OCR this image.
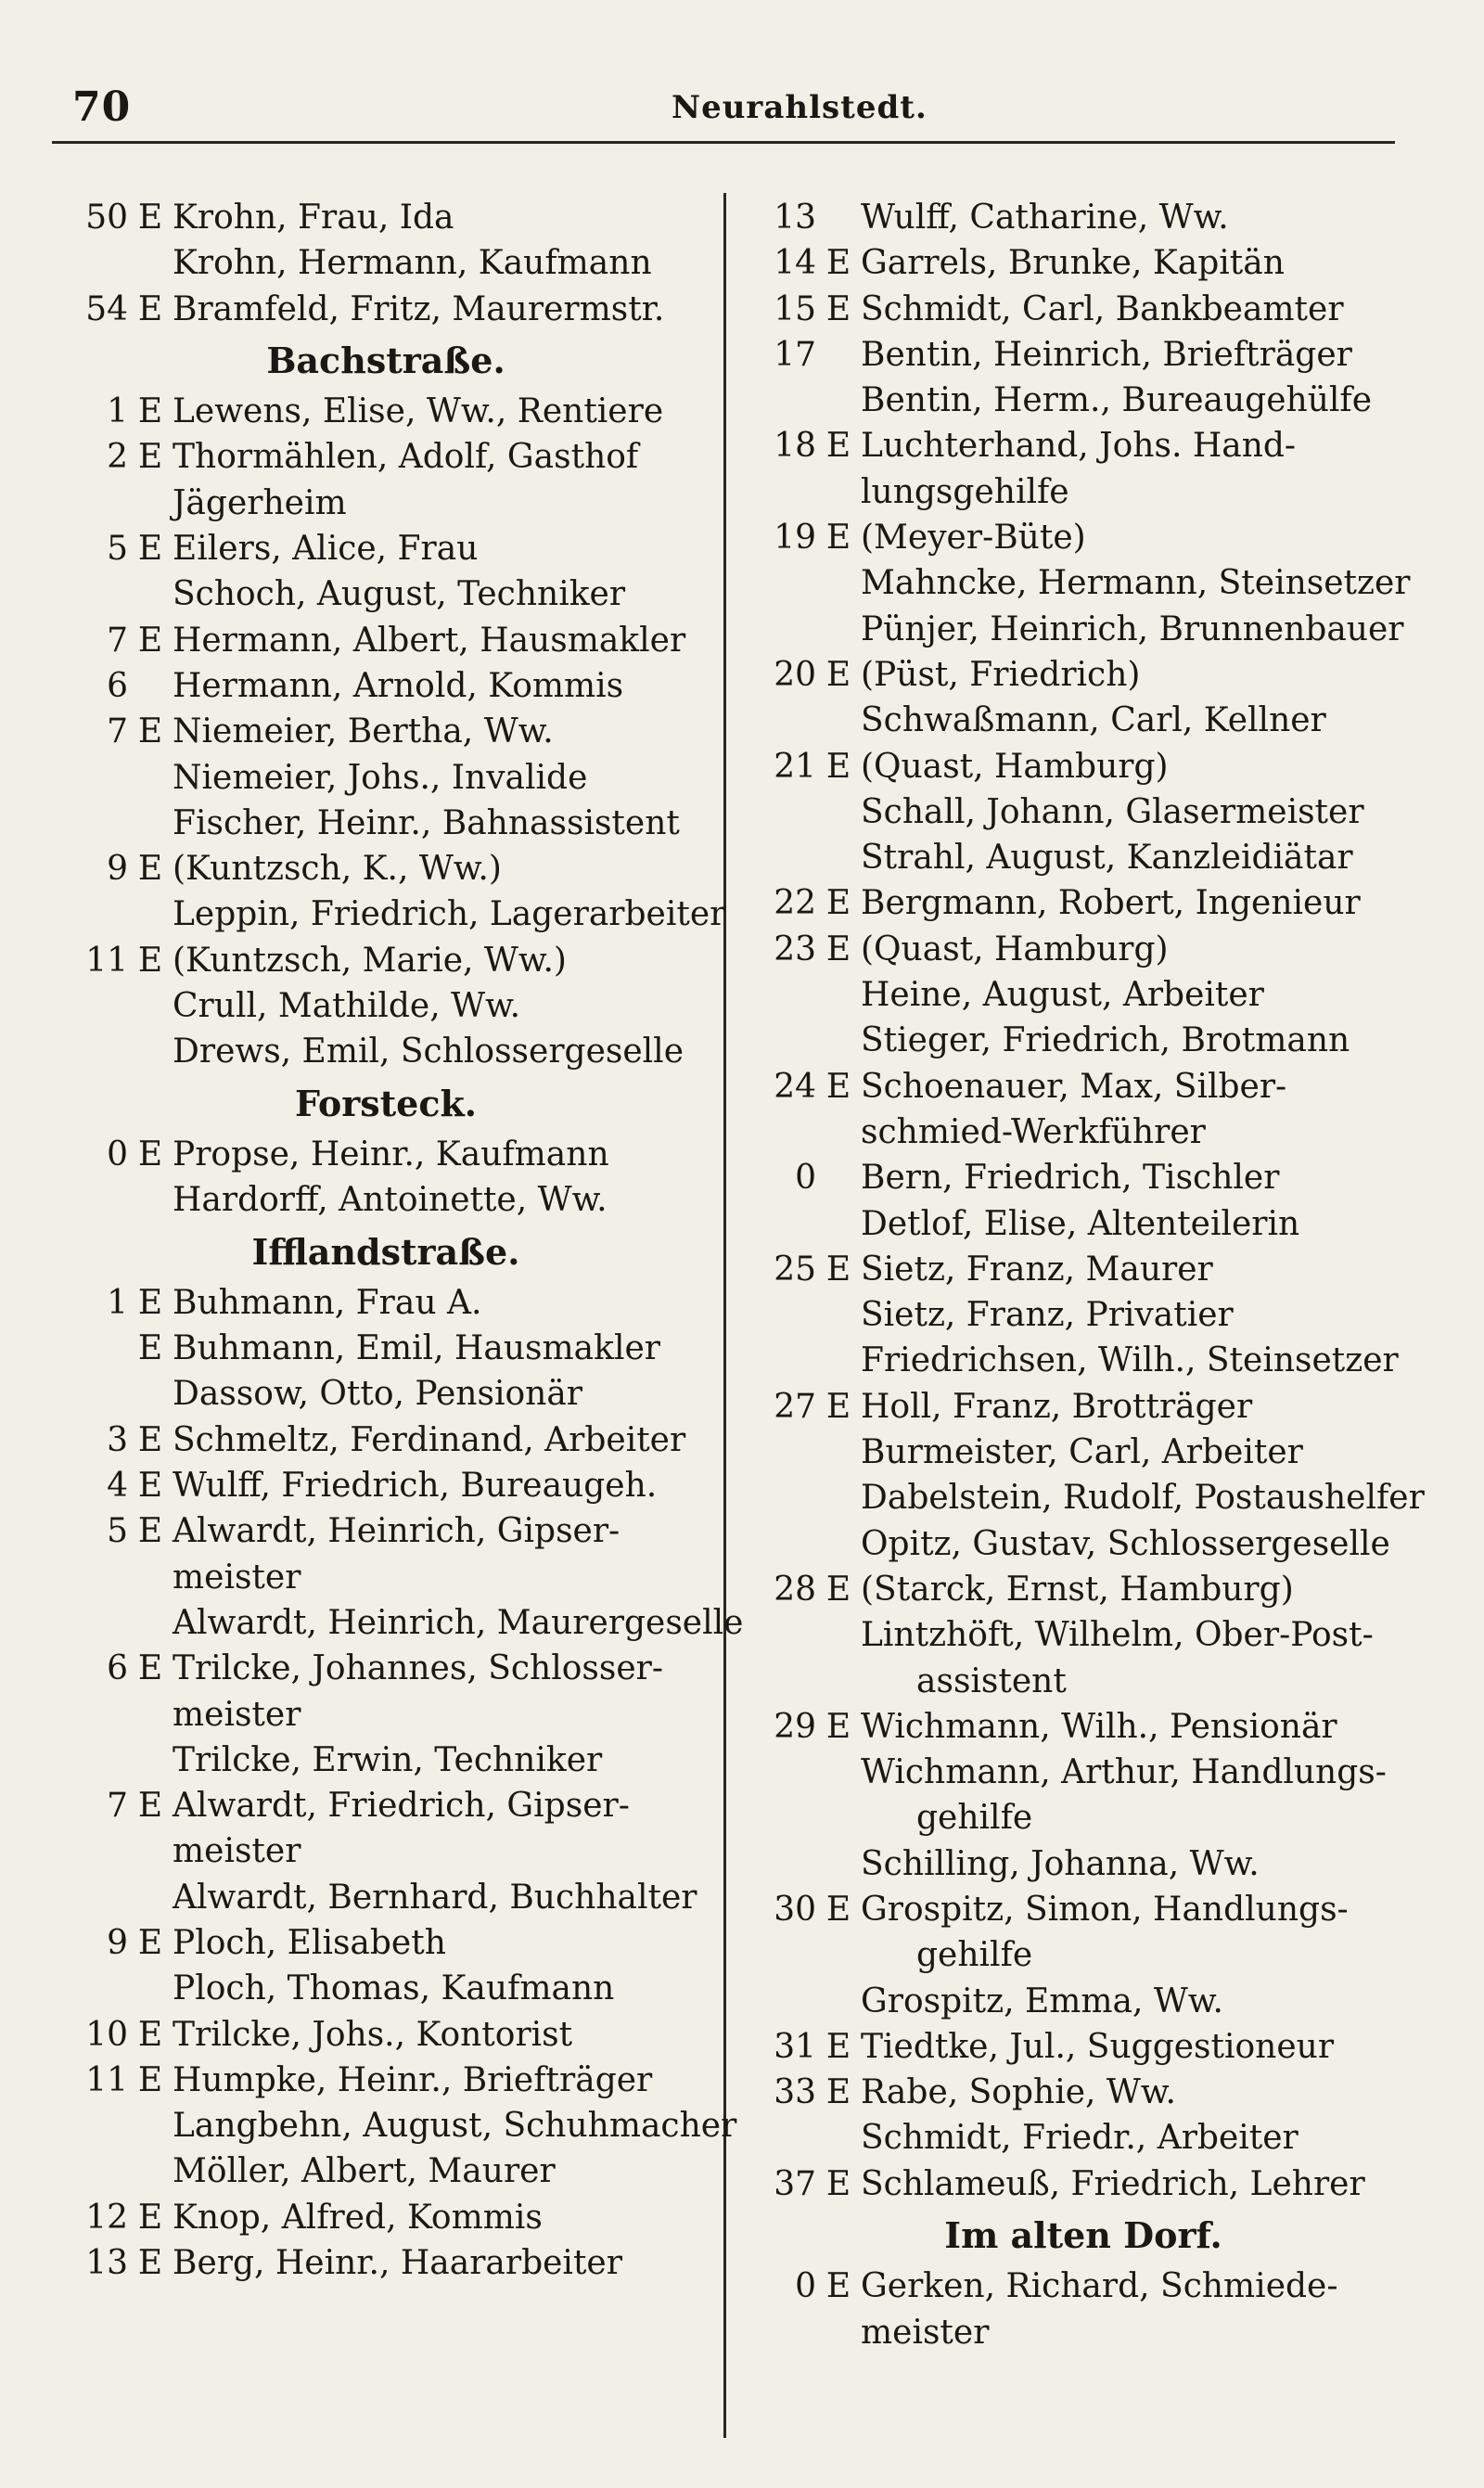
70	Neurahlstedt.
50 E Krohn, Frau, Ida
Krohn, Hermann, Kaufmann
54 E Bramfeld, Fritz, Maurermstr.
Bachstraße.
1 E Lewens, Elise, Ww., Rentiere
2 E Thormählen, Adolf, Gasthof
Jägerheim
5 E Eilers, Alice, Frau
Schoch, August, Techniker
7 E Hermann, Albert, Hausmakler
6 Hermann, Arnold, Kommis
7 E Niemeier, Bertha, Ww.
Niemeier, Johs., Invalide
Fischer, Heinr., Bahnassistent
9 E (Kuntzsch, K., Ww.)
Leppin, Friedrich, Lagerarbeiter
11 E (Kuntzsch, Marie, Ww.)
Crull, Mathilde, Ww.
Drews, Emil, Schlossergeselle
Forsteck.
0 E Propse, Heinr., Kaufmann
Hardorff, Antoinette, Ww.
Ifflandstraße.
1 E Buhmann, Frau A.
E Buhmann, Emil, Hausmakler
Dassow, Otto, Pensionär
3 E Schmeltz, Ferdinand, Arbeiter
4 E Wulff, Friedrich, Bureaugeh.
5 E Alwardt, Heinrich, Gipser-
meister
Alwardt, Heinrich, Maurergeselle
6 E Trilcke, Johannes, Schlosser-
meister
Trilcke, Erwin, Techniker
7 E Alwardt, Friedrich, Gipser-
meister
Alwardt, Bernhard, Buchhalter
9 E Ploch, Elisabeth
Ploch, Thomas, Kaufmann
10 E Trilcke, Johs., Kontorist
11 E Humpke, Heinr., Briefträger
Langbehn, August, Schuhmacher
Möller, Albert, Maurer
12 E Knop, Alfred, Kommis
13 E Berg, Heinr., Haararbeiter
13 Wulff, Catharine, Ww.
14 E Garrels, Brunke, Kapitän
15 E Schmidt, Carl, Bankbeamter
17 Bentin, Heinrich, Briefträger
Bentin, Herm., Bureaugehülfe
18 E Luchterhand, Johs. Hand-
lungsgehilfe
19 E (Meyer-Büte)
Mahncke, Hermann, Steinsetzer
Pünjer, Heinrich, Brunnenbauer
20 E (Püst, Friedrich)
Schwaßmann, Carl, Kellner
21 E (Quast, Hamburg)
Schall, Johann, Glasermeister
Strahl, August, Kanzleidiätar
22 E Bergmann, Robert, Ingenieur
23 E (Quast, Hamburg)
Heine, August, Arbeiter
Stieger, Friedrich, Brotmann
24 E Schoenauer, Max, Silber-
schmied-Werkführer
0 Bern, Friedrich, Tischler
Detlof, Elise, Altenteilerin
25 E Sietz, Franz, Maurer
Sietz, Franz, Privatier
Friedrichsen, Wilh., Steinsetzer
27 E Holl, Franz, Brotträger
Burmeister, Carl, Arbeiter
Dabelstein, Rudolf, Postaushelfer
Opitz, Gustav, Schlossergeselle
28 E (Starck, Ernst, Hamburg)
Lintzhöft, Wilhelm, Ober-Post-
assistent
29 E Wichmann, Wilh., Pensionär
Wichmann, Arthur, Handlungs-
gehilfe
Schilling, Johanna, Ww.
30 E Grospitz, Simon, Handlungs-
gehilfe
Grospitz, Emma, Ww.
31 E Tiedtke, Jul., Suggestioneur
33 E Rabe, Sophie, Ww.
Schmidt, Friedr., Arbeiter
37 E Schlameuß, Friedrich, Lehrer
Im alten Dorf.
0 E Gerken, Richard, Schmiede-
meister
